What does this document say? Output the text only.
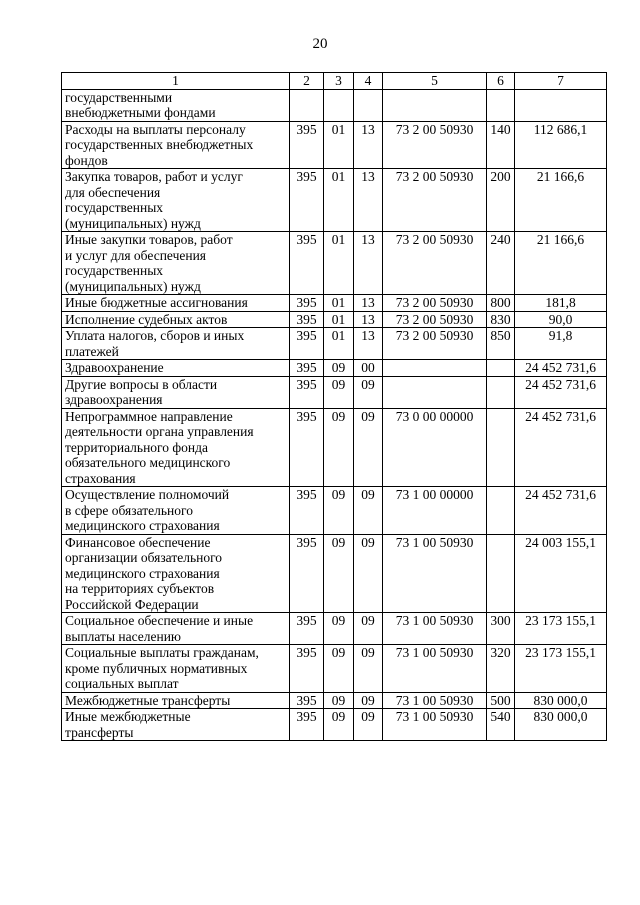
20
1	2	3	4	5	6	7
государственными
внебюджетными фондами						
Расходы на выплаты персоналу
государственных внебюджетных
фондов	395	01	13	73 2 00 50930	140	112 686,1
Закупка товаров, работ и услуг
для обеспечения
государственных
(муниципальных) нужд	395	01	13	73 2 00 50930	200	21 166,6
Иные закупки товаров, работ
и услуг для обеспечения
государственных
(муниципальных) нужд	395	01	13	73 2 00 50930	240	21 166,6
Иные бюджетные ассигнования	395	01	13	73 2 00 50930	800	181,8
Исполнение судебных актов	395	01	13	73 2 00 50930	830	90,0
Уплата налогов, сборов и иных
платежей	395	01	13	73 2 00 50930	850	91,8
Здравоохранение	395	09	00			24 452 731,6
Другие вопросы в области
здравоохранения	395	09	09			24 452 731,6
Непрограммное направление
деятельности органа управления
территориального фонда
обязательного медицинского
страхования	395	09	09	73 0 00 00000		24 452 731,6
Осуществление полномочий
в сфере обязательного
медицинского страхования	395	09	09	73 1 00 00000		24 452 731,6
Финансовое обеспечение
организации обязательного
медицинского страхования
на территориях субъектов
Российской Федерации	395	09	09	73 1 00 50930		24 003 155,1
Социальное обеспечение и иные
выплаты населению	395	09	09	73 1 00 50930	300	23 173 155,1
Социальные выплаты гражданам,
кроме публичных нормативных
социальных выплат	395	09	09	73 1 00 50930	320	23 173 155,1
Межбюджетные трансферты	395	09	09	73 1 00 50930	500	830 000,0
Иные межбюджетные
трансферты	395	09	09	73 1 00 50930	540	830 000,0
